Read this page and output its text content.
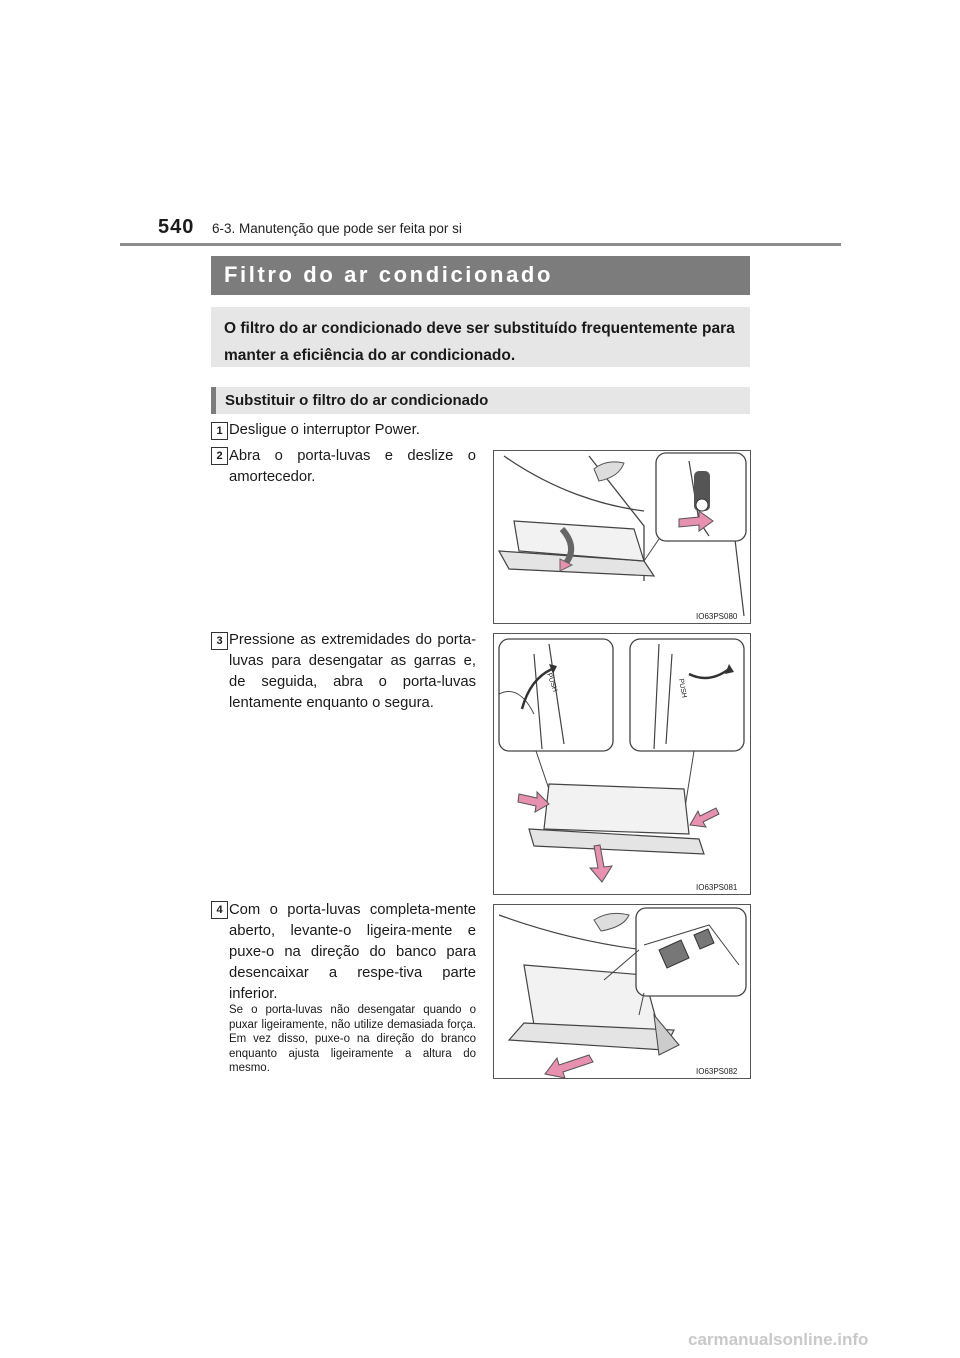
540 6-3. Manutenção que pode ser feita por si
Filtro do ar condicionado

O filtro do ar condicionado deve ser substituído frequentemente para manter a eficiência do ar condicionado.

Substituir o filtro do ar condicionado
1 Desligue o interruptor Power.
2 Abra o porta-luvas e deslize o amortecedor.
IO63PS080
3 Pressione as extremidades do porta-luvas para desengatar as garras e, de seguida, abra o porta-luvas lentamente enquanto o segura.
PUSH	PUSH
IO63PS081
4 Com o porta-luvas completa-mente aberto, levante-o ligeira-mente e puxe-o na direção do banco para desencaixar a respe-tiva parte inferior.
Se o porta-luvas não desengatar quando o puxar ligeiramente, não utilize demasiada força. Em vez disso, puxe-o na direção do branco enquanto ajusta ligeiramente a altura do mesmo.	IO63PS082
carmanualsonline.info
